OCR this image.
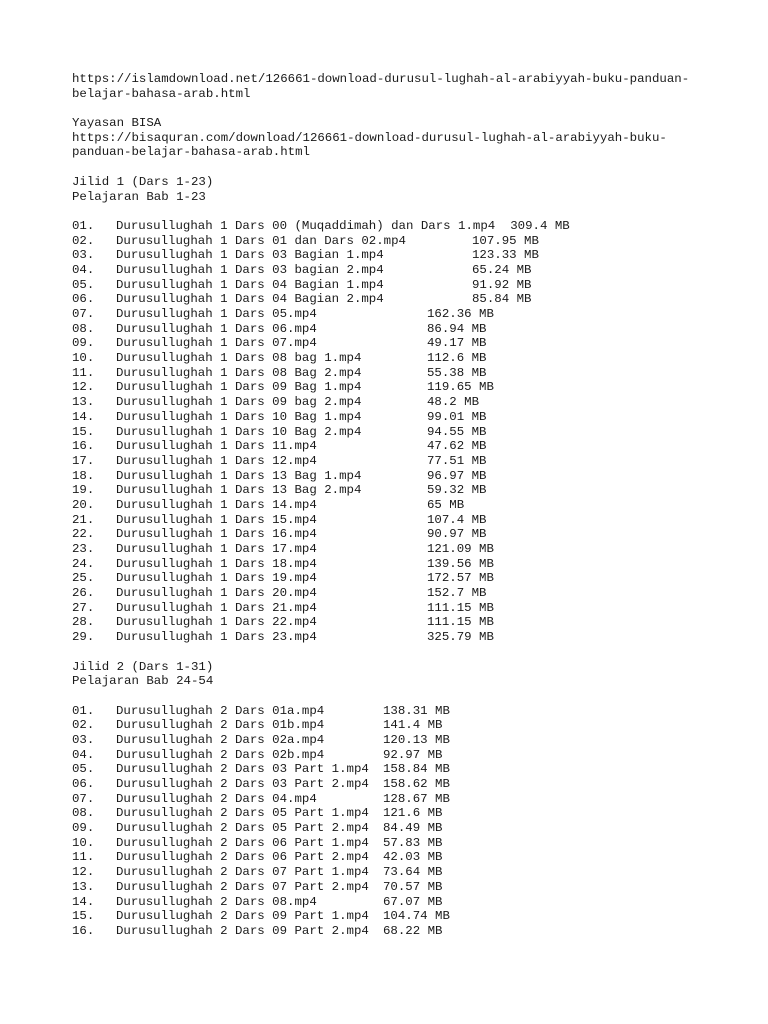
https://islamdownload.net/126661-download-durusul-lughah-al-arabiyyah-buku-panduan-
belajar-bahasa-arab.html
Yayasan BISA
https://bisaquran.com/download/126661-download-durusul-lughah-al-arabiyyah-buku-
panduan-belajar-bahasa-arab.html
Jilid 1 (Dars 1-23)
Pelajaran Bab 1-23
01. Durusullughah 1 Dars 00 (Muqaddimah) dan Dars 1.mp4 309.4 MB
02. Durusullughah 1 Dars 01 dan Dars 02.mp4	107.95 MB
03. Durusullughah 1 Dars 03 Bagian 1.mp4	123.33 MB
04. Durusullughah 1 Dars 03 bagian 2.mp4	65.24 MB
05. Durusullughah 1 Dars 04 Bagian 1.mp4	91.92 MB
06. Durusullughah 1 Dars 04 Bagian 2.mp4	85.84 MB
07. Durusullughah 1 Dars 05.mp4	162.36 MB
08. Durusullughah 1 Dars 06.mp4	86.94 MB
09. Durusullughah 1 Dars 07.mp4	49.17 MB
10. Durusullughah 1 Dars 08 bag 1.mp4	112.6 MB
11. Durusullughah 1 Dars 08 Bag 2.mp4	55.38 MB
12. Durusullughah 1 Dars 09 Bag 1.mp4	119.65 MB
13. Durusullughah 1 Dars 09 bag 2.mp4	48.2 MB
14. Durusullughah 1 Dars 10 Bag 1.mp4	99.01 MB
15. Durusullughah 1 Dars 10 Bag 2.mp4	94.55 MB
16. Durusullughah 1 Dars 11.mp4	47.62 MB
17. Durusullughah 1 Dars 12.mp4	77.51 MB
18. Durusullughah 1 Dars 13 Bag 1.mp4	96.97 MB
19. Durusullughah 1 Dars 13 Bag 2.mp4	59.32 MB
20. Durusullughah 1 Dars 14.mp4	65 MB
21. Durusullughah 1 Dars 15.mp4	107.4 MB
22. Durusullughah 1 Dars 16.mp4	90.97 MB
23. Durusullughah 1 Dars 17.mp4	121.09 MB
24. Durusullughah 1 Dars 18.mp4	139.56 MB
25. Durusullughah 1 Dars 19.mp4	172.57 MB
26. Durusullughah 1 Dars 20.mp4	152.7 MB
27. Durusullughah 1 Dars 21.mp4	111.15 MB
28. Durusullughah 1 Dars 22.mp4	111.15 MB
29. Durusullughah 1 Dars 23.mp4	325.79 MB
Jilid 2 (Dars 1-31)
Pelajaran Bab 24-54
01. Durusullughah 2 Dars 01a.mp4	138.31 MB
02. Durusullughah 2 Dars 01b.mp4	141.4 MB
03. Durusullughah 2 Dars 02a.mp4	120.13 MB
04. Durusullughah 2 Dars 02b.mp4	92.97 MB
05. Durusullughah 2 Dars 03 Part 1.mp4 158.84 MB
06. Durusullughah 2 Dars 03 Part 2.mp4 158.62 MB
07. Durusullughah 2 Dars 04.mp4	128.67 MB
08. Durusullughah 2 Dars 05 Part 1.mp4 121.6 MB
09. Durusullughah 2 Dars 05 Part 2.mp4 84.49 MB
10. Durusullughah 2 Dars 06 Part 1.mp4 57.83 MB
11. Durusullughah 2 Dars 06 Part 2.mp4 42.03 MB
12. Durusullughah 2 Dars 07 Part 1.mp4 73.64 MB
13. Durusullughah 2 Dars 07 Part 2.mp4 70.57 MB
14. Durusullughah 2 Dars 08.mp4	67.07 MB
15. Durusullughah 2 Dars 09 Part 1.mp4 104.74 MB
16. Durusullughah 2 Dars 09 Part 2.mp4 68.22 MB
